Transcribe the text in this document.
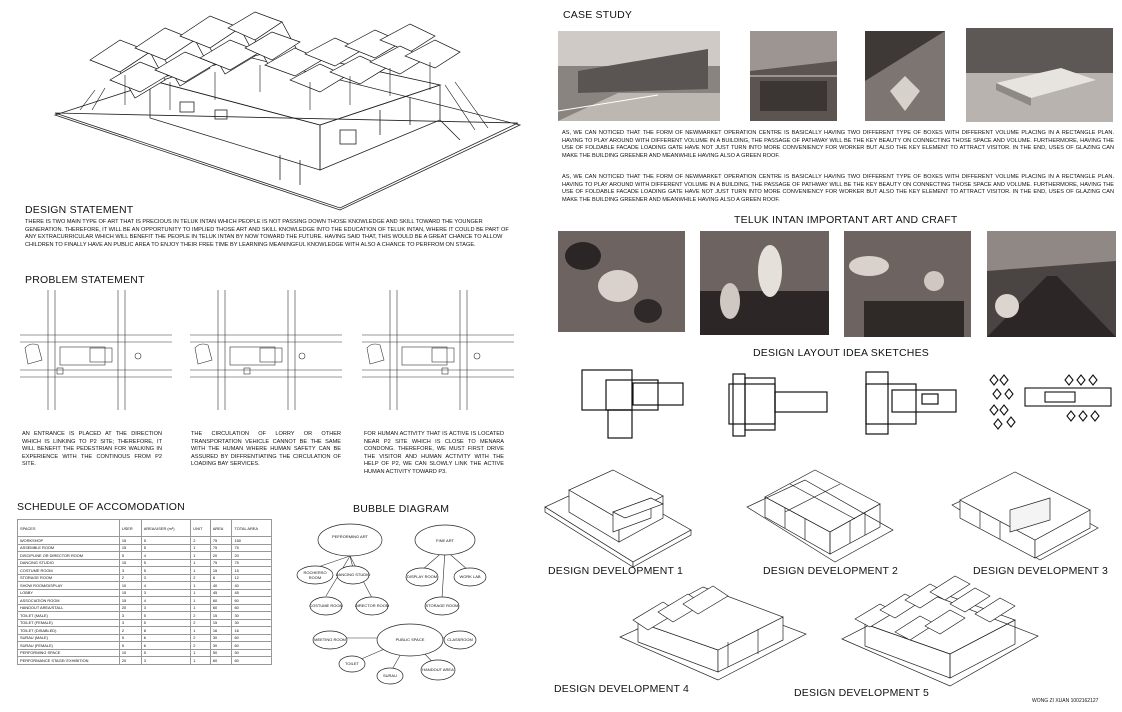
DESIGN STATEMENT
THERE IS TWO MAIN TYPE OF ART THAT IS PRECIOUS IN TELUK INTAN WHICH PEOPLE IS NOT PASSING DOWN THOSE KNOWLEDGE AND SKILL TOWARD THE YOUNGER GENERATION. THEREFORE, IT WILL BE AN OPPORTUNITY TO IMPLIED THOSE ART AND SKILL KNOWLEDGE INTO THE EDUCATION OF TELUK INTAN, WHERE IT COULD BE PART OF ANY EXTRACURRICULAR WHICH WILL BENEFIT THE PEOPLE IN TELUK INTAN BY NOW TOWARD THE FUTURE. HAVING SAID THAT, THIS WOULD BE A GREAT CHANCE TO ALLOW CHILDREN TO FINALLY HAVE AN PUBLIC AREA TO ENJOY THEIR FREE TIME BY LEARNING MEANINGFUL KNOWLEDGE WITH ALSO A CHANCE TO PERFROM ON STAGE.
PROBLEM STATEMENT
AN ENTRANCE IS PLACED AT THE DIRECTION WHICH IS LINKING TO P2 SITE; THEREFORE, IT WILL BENEFIT THE PEDESTRIAN FOR WALKING IN EXPERIENCE WITH THE CONTINOUS FROM P2 SITE.
THE CIRCULATION OF LORRY OR OTHER TRANSPORTATION VEHICLE CANNOT BE THE SAME WITH THE HUMAN WHERE HUMAN SAFETY CAN BE ASSURED BY DIFFRENTIATING THE CIRCULATION OF LOADING BAY SERVICES.
FOR HUMAN ACTIVITY THAT IS ACTIVE IS LOCATED NEAR P2 SITE WHICH IS CLOSE TO MENARA CONDONG. THEREFORE, WE MUST FIRST DRIVE THE VISITOR AND HUMAN ACTIVITY WITH THE HELP OF P2, WE CAN SLOWLY LINK THE ACTIVE HUMAN ACTIVITY TOWARD P3.
SCHEDULE OF ACCOMODATION
SPACES	USER	AREA/USER (m²)	UNIT	AREA	TOTAL AREA
WORKSHOP	15	5	2	75	150
ASSEMBLE ROOM	15	5	1	75	75
DISCIPLINE OR DIRECTOR ROOM	5	4	1	20	20
DANCING STUDIO	15	5	1	75	75
COSTUME ROOM	3	5	1	15	15
STORAGE ROOM	2	3	2	6	12
SHOW ROOM/DISPLAY	10	4	1	40	40
LOBBY	15	3	1	45	45
ASSOCIATION ROOM	15	4	1	60	60
HANDOUT AREA/STALL	20	3	1	60	60
TOILET (MALE)	3	5	2	15	30
TOILET (FEMALE)	3	5	2	15	30
TOILET (DISABLED)	2	8	1	16	16
SURAU (MALE)	5	6	2	30	60
SURAU (FEMALE)	5	6	2	30	60
PERFORMING SPACE	10	5	1	50	50
PERFORMANCE STAGE/ EXHIBITION	20	3	1	60	60
BUBBLE DIAGRAM
PEFRORMING ART
FINE ART
ROCHERSO
ROOM
DANCING STUDIO	DISPLAY ROOM	WORK LAB
COSTUME ROOM	DIRECTOR ROOM	STORAGE ROOM
MEETING ROOM	PUBLIC SPACE	CLASSROOM
TOILET
SURAU
HANDOUT AREA
CASE STUDY
AS, WE CAN NOTICED THAT THE FORM OF NEWMARKET OPERATION CENTRE IS BASICALLY HAVING TWO DIFFERENT TYPE OF BOXES WITH DIFFERENT VOLUME PLACING IN A RECTANGLE PLAN. HAVING TO PLAY AROUND WITH DIFFERENT VOLUME IN A BUILDING, THE PASSAGE OF PATHWAY WILL BE THE KEY BEAUTY ON CONNECTING THOSE SPACE AND VOLUME. FURTHERMORE, HAVING THE USE OF FOLDABLE FACADE LOADING GATE HAVE NOT JUST TURN INTO MORE CONVENIENCY FOR WORKER BUT ALSO THE KEY ELEMENT TO ATTRACT VISITOR. IN THE END, USES OF GLAZING CAN MAKE THE BUILDING GREENER AND MEANWHILE HAVING ALSO A GREEN ROOF.
AS, WE CAN NOTICED THAT THE FORM OF NEWMARKET OPERATION CENTRE IS BASICALLY HAVING TWO DIFFERENT TYPE OF BOXES WITH DIFFERENT VOLUME PLACING IN A RECTANGLE PLAN. HAVING TO PLAY AROUND WITH DIFFERENT VOLUME IN A BUILDING, THE PASSAGE OF PATHWAY WILL BE THE KEY BEAUTY ON CONNECTING THOSE SPACE AND VOLUME. FURTHERMORE, HAVING THE USE OF FOLDABLE FACADE LOADING GATE HAVE NOT JUST TURN INTO MORE CONVENIENCY FOR WORKER BUT ALSO THE KEY ELEMENT TO ATTRACT VISITOR. IN THE END, USES OF GLAZING CAN MAKE THE BUILDING GREENER AND MEANWHILE HAVING ALSO A GREEN ROOF.
TELUK INTAN IMPORTANT ART AND CRAFT
DESIGN LAYOUT IDEA SKETCHES
DESIGN DEVELOPMENT 1	DESIGN DEVELOPMENT 2	DESIGN DEVELOPMENT 3
DESIGN DEVELOPMENT 4	DESIGN DEVELOPMENT 5
WONG ZI XUAN 1002162127
